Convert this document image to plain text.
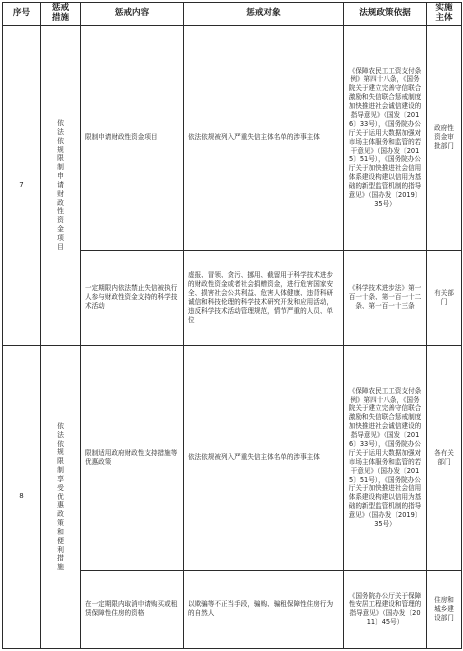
序号	惩戒措施	惩戒内容	惩戒对象	法规政策依据	实施主体
7	依法依规限制申请财政性资金项目	限制申请财政性资金项目	依法依规被列入严重失信主体名单的涉事主体	《保障农民工工资支付条例》第四十八条，《国务院关于建立完善守信联合激励和失信联合惩戒制度加快推进社会诚信建设的指导意见》（国发〔2016〕33号），《国务院办公厅关于运用大数据加强对市场主体服务和监管的若干意见》（国办发〔2015〕51号），《国务院办公厅关于加快推进社会信用体系建设构建以信用为基础的新型监管机制的指导意见》（国办发〔2019〕35号）	政府性资金审批部门
		一定期限内依法禁止失信被执行人参与财政性资金支持的科学技术活动	虚报、冒领、贪污、挪用、截留用于科学技术进步的财政性资金或者社会捐赠资金，进行危害国家安全、损害社会公共利益、危害人体健康、违背科研诚信和科技伦理的科学技术研究开发和应用活动，违反科学技术活动管理规范，情节严重的人员、单位	《科学技术进步法》第一百一十条、第一百一十二条、第一百一十三条	有关部门
8	依法依规限制享受优惠政策和便利措施	限制适用政府财政性支持措施等优惠政策	依法依规被列入严重失信主体名单的涉事主体	《保障农民工工资支付条例》第四十八条，《国务院关于建立完善守信联合激励和失信联合惩戒制度加快推进社会诚信建设的指导意见》（国发〔2016〕33号），《国务院办公厅关于运用大数据加强对市场主体服务和监管的若干意见》（国办发〔2015〕51号），《国务院办公厅关于加快推进社会信用体系建设构建以信用为基础的新型监管机制的指导意见》（国办发〔2019〕35号）	各有关部门
		在一定期限内取消申请购买或租赁保障性住房的资格	以欺骗等不正当手段，骗购、骗租保障性住房行为的自然人	《国务院办公厅关于保障性安居工程建设和管理的指导意见》（国办发〔2011〕45号）	住房和城乡建设部门
